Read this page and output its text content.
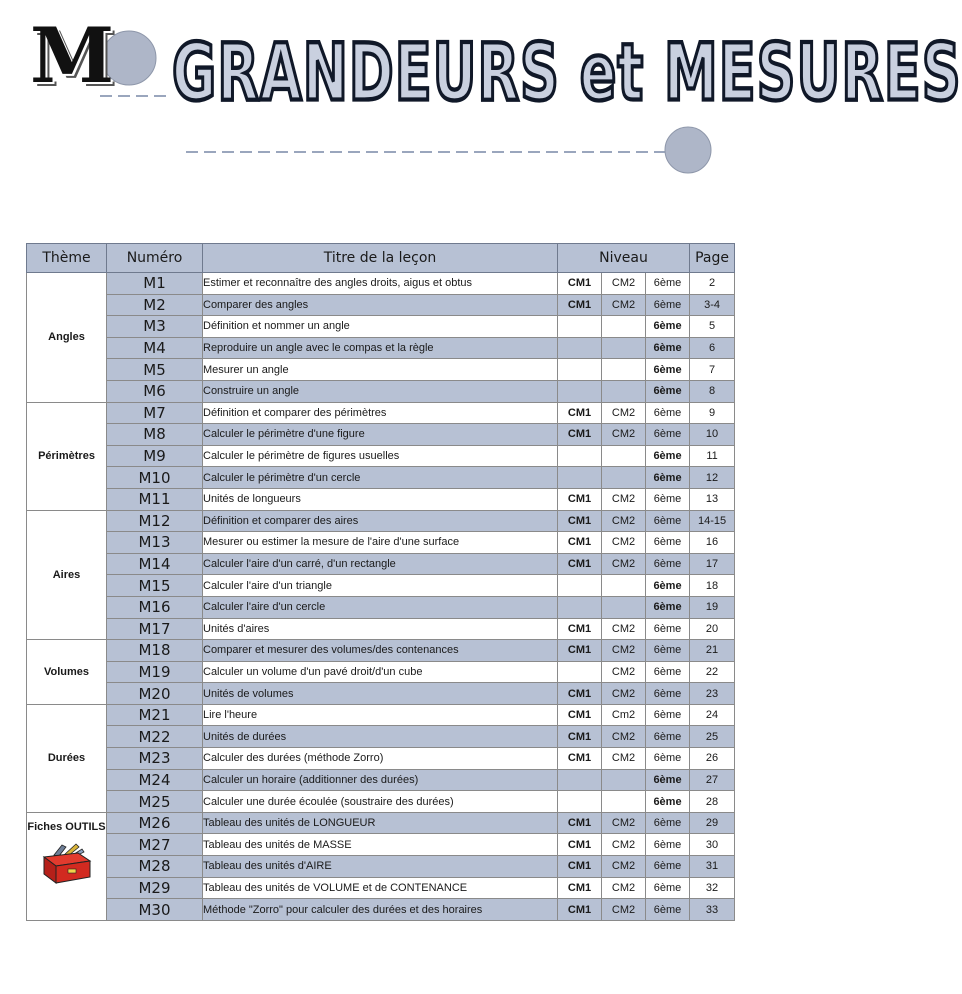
M GRANDEURS et MESURES
Thème	Numéro	Titre de la leçon	Niveau			Page

Angles	M1	Estimer et reconnaître des angles droits, aigus et obtus	CM1	CM2	6ème	2
	M2	Comparer des angles	CM1	CM2	6ème	3-4
	M3	Définition et nommer un angle			6ème	5
	M4	Reproduire un angle avec le compas et la règle			6ème	6
	M5	Mesurer un angle			6ème	7
	M6	Construire un angle			6ème	8

Périmètres	M7	Définition et comparer des périmètres	CM1	CM2	6ème	9
	M8	Calculer le périmètre d'une figure	CM1	CM2	6ème	10
	M9	Calculer le périmètre de figures usuelles			6ème	11
	M10	Calculer le périmètre d'un cercle			6ème	12
	M11	Unités de longueurs	CM1	CM2	6ème	13

Aires	M12	Définition et comparer des aires	CM1	CM2	6ème	14-15
	M13	Mesurer ou estimer la mesure de l'aire d'une surface	CM1	CM2	6ème	16
	M14	Calculer l'aire d'un carré, d'un rectangle	CM1	CM2	6ème	17
	M15	Calculer l'aire d'un triangle			6ème	18
	M16	Calculer l'aire d'un cercle			6ème	19
	M17	Unités d'aires	CM1	CM2	6ème	20

Volumes	M18	Comparer et mesurer des volumes/des contenances	CM1	CM2	6ème	21
	M19	Calculer un volume d'un pavé droit/d'un cube		CM2	6ème	22
	M20	Unités de volumes	CM1	CM2	6ème	23

Durées	M21	Lire l'heure	CM1	Cm2	6ème	24
	M22	Unités de durées	CM1	CM2	6ème	25
	M23	Calculer des durées (méthode Zorro)	CM1	CM2	6ème	26
	M24	Calculer un horaire (additionner des durées)			6ème	27
	M25	Calculer une durée écoulée (soustraire des durées)			6ème	28

Fiches OUTILS	M26	Tableau des unités de LONGUEUR	CM1	CM2	6ème	29
	M27	Tableau des unités de MASSE	CM1	CM2	6ème	30
	M28	Tableau des unités d'AIRE	CM1	CM2	6ème	31
	M29	Tableau des unités de VOLUME et de CONTENANCE	CM1	CM2	6ème	32
	M30	Méthode "Zorro" pour calculer des durées et des horaires	CM1	CM2	6ème	33
